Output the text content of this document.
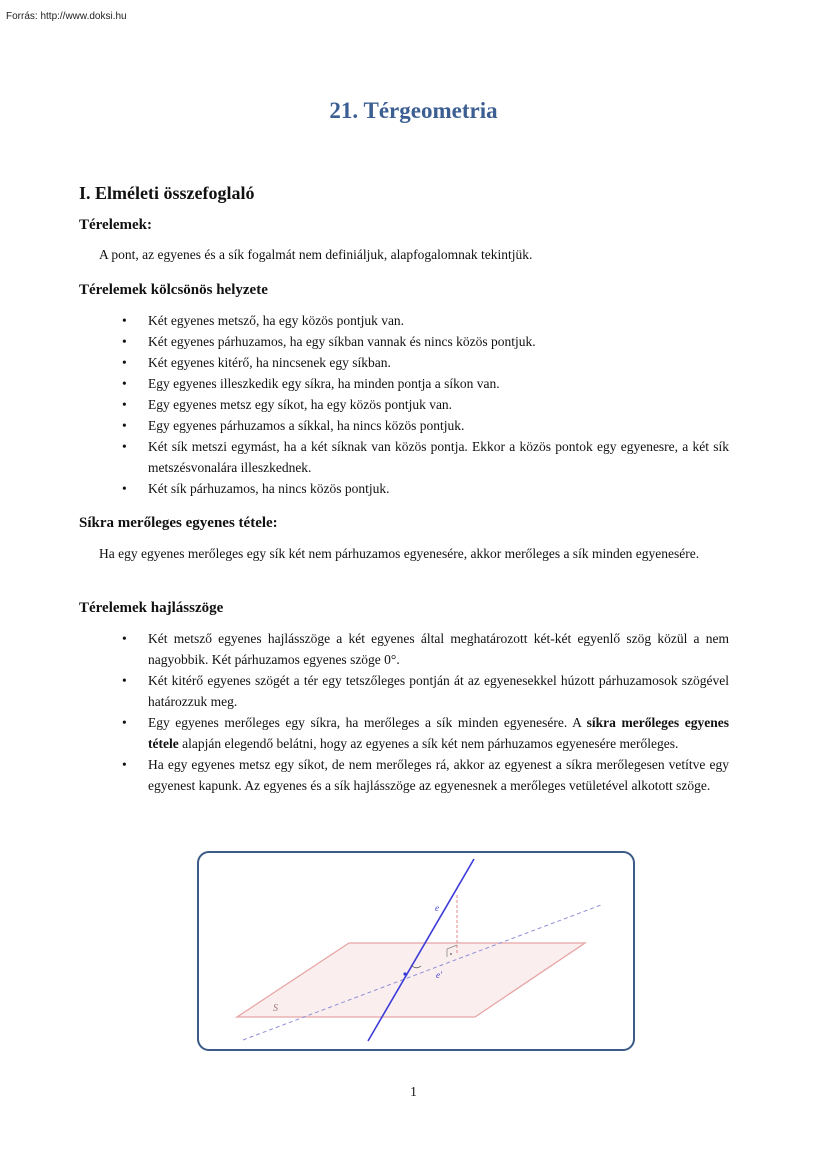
Forrás: http://www.doksi.hu
21. Térgeometria
I. Elméleti összefoglaló
Térelemek:
A pont, az egyenes és a sík fogalmát nem definiáljuk, alapfogalomnak tekintjük.
Térelemek kölcsönös helyzete
• Két egyenes metsző, ha egy közös pontjuk van.
• Két egyenes párhuzamos, ha egy síkban vannak és nincs közös pontjuk.
• Két egyenes kitérő, ha nincsenek egy síkban.
• Egy egyenes illeszkedik egy síkra, ha minden pontja a síkon van.
• Egy egyenes metsz egy síkot, ha egy közös pontjuk van.
• Egy egyenes párhuzamos a síkkal, ha nincs közös pontjuk.
• Két sík metszi egymást, ha a két síknak van közös pontja. Ekkor a közös pontok egy egyenesre, a két sík metszésvonalára illeszkednek.
• Két sík párhuzamos, ha nincs közös pontjuk.
Síkra merőleges egyenes tétele:
Ha egy egyenes merőleges egy sík két nem párhuzamos egyenesére, akkor merőleges a sík minden egyenesére.
Térelemek hajlásszöge
• Két metsző egyenes hajlásszöge a két egyenes által meghatározott két-két egyenlő szög közül a nem nagyobbik. Két párhuzamos egyenes szöge 0°.
• Két kitérő egyenes szögét a tér egy tetszőleges pontján át az egyenesekkel húzott párhuzamosok szögével határozzuk meg.
• Egy egyenes merőleges egy síkra, ha merőleges a sík minden egyenesére. A síkra merőleges egyenes tétele alapján elegendő belátni, hogy az egyenes a sík két nem párhuzamos egyenesére merőleges.
• Ha egy egyenes metsz egy síkot, de nem merőleges rá, akkor az egyenest a síkra merőlegesen vetítve egy egyenest kapunk. Az egyenes és a sík hajlásszöge az egyenesnek a merőleges vetületével alkotott szöge.
e
e'
S
1
